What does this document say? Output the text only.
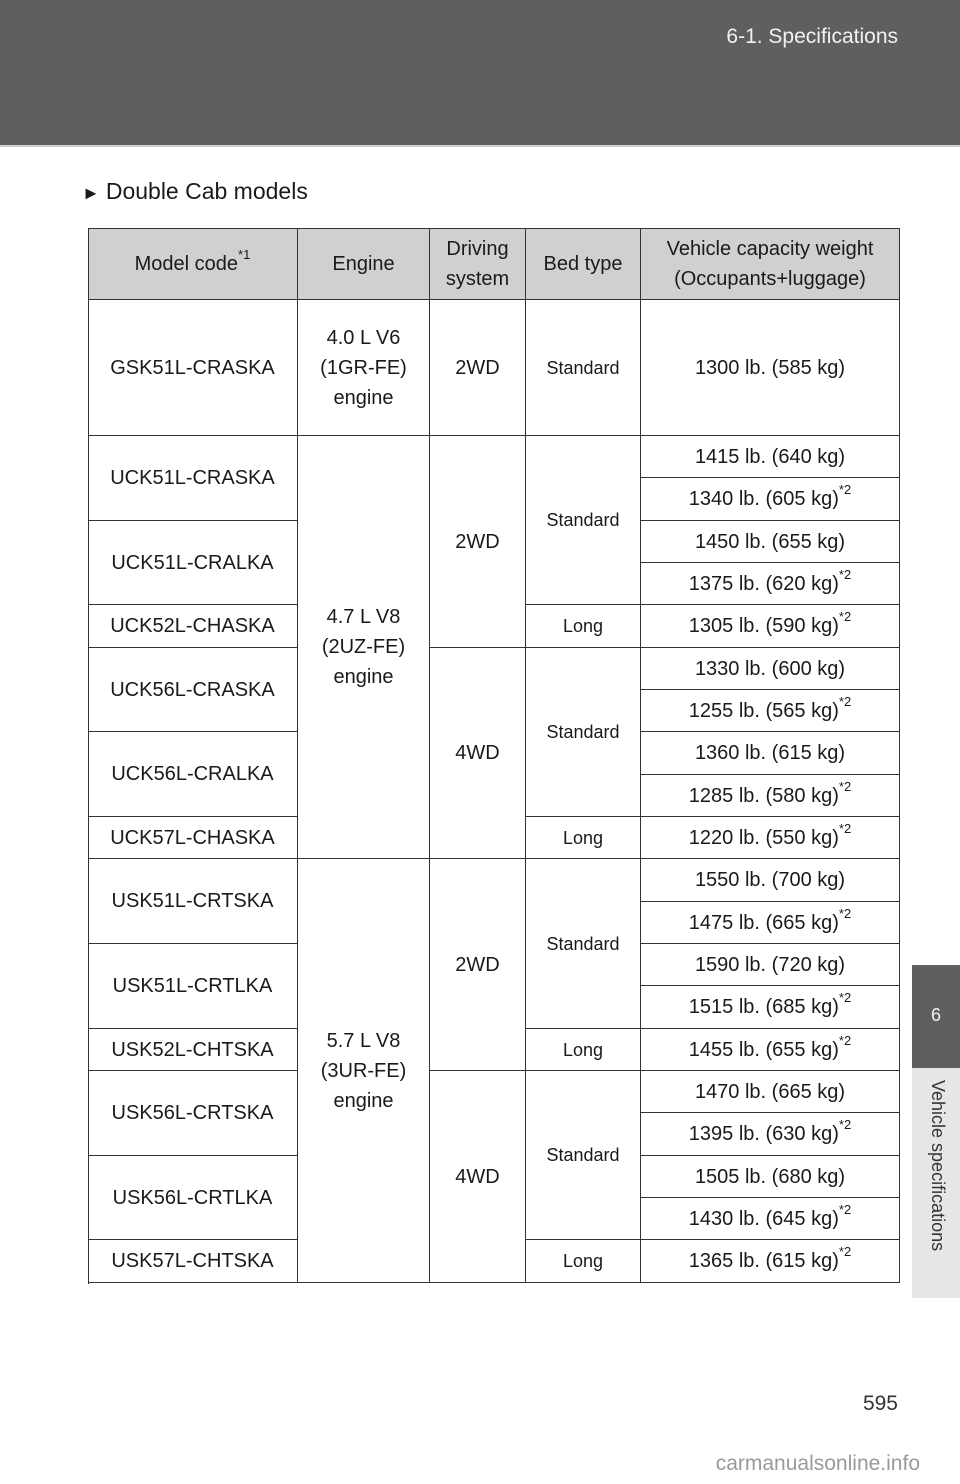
6-1. Specifications
6
Vehicle specifications
► Double Cab models
Model code$^{*1}$	Engine
Driving system
Bed type
Vehicle capacity weight (Occupants+luggage)
GSK51L-CRASKA
UCK51L-CRASKA
UCK51L-CRALKA
UCK52L-CHASKA
UCK56L-CRASKA
UCK56L-CRALKA
UCK57L-CHASKA
USK51L-CRTSKA
USK51L-CRTLKA
USK52L-CHTSKA
USK56L-CRTSKA
USK56L-CRTLKA
USK57L-CHTSKA
4.0 L V6 (1GR-FE) engine
4.7 L V8 (2UZ-FE) engine
5.7 L V8 (3UR-FE) engine
2WD
2WD
4WD
2WD
4WD
Standard
Standard
Long
Standard
Long
Standard
Long
Standard
Long
1300 lb. (585 kg)
1415 lb. (640 kg)
1340 lb. (605 kg)$^{*2}$
1450 lb. (655 kg)
1375 lb. (620 kg)$^{*2}$
1305 lb. (590 kg)$^{*2}$
1330 lb. (600 kg)
1255 lb. (565 kg)$^{*2}$
1360 lb. (615 kg)
1285 lb. (580 kg)$^{*2}$
1220 lb. (550 kg)$^{*2}$
1550 lb. (700 kg)
1475 lb. (665 kg)$^{*2}$
1590 lb. (720 kg)
1515 lb. (685 kg)$^{*2}$
1455 lb. (655 kg)$^{*2}$
1470 lb. (665 kg)
1395 lb. (630 kg)$^{*2}$
1505 lb. (680 kg)
1430 lb. (645 kg)$^{*2}$
1365 lb. (615 kg)$^{*2}$
595
carmanualsonline.info
